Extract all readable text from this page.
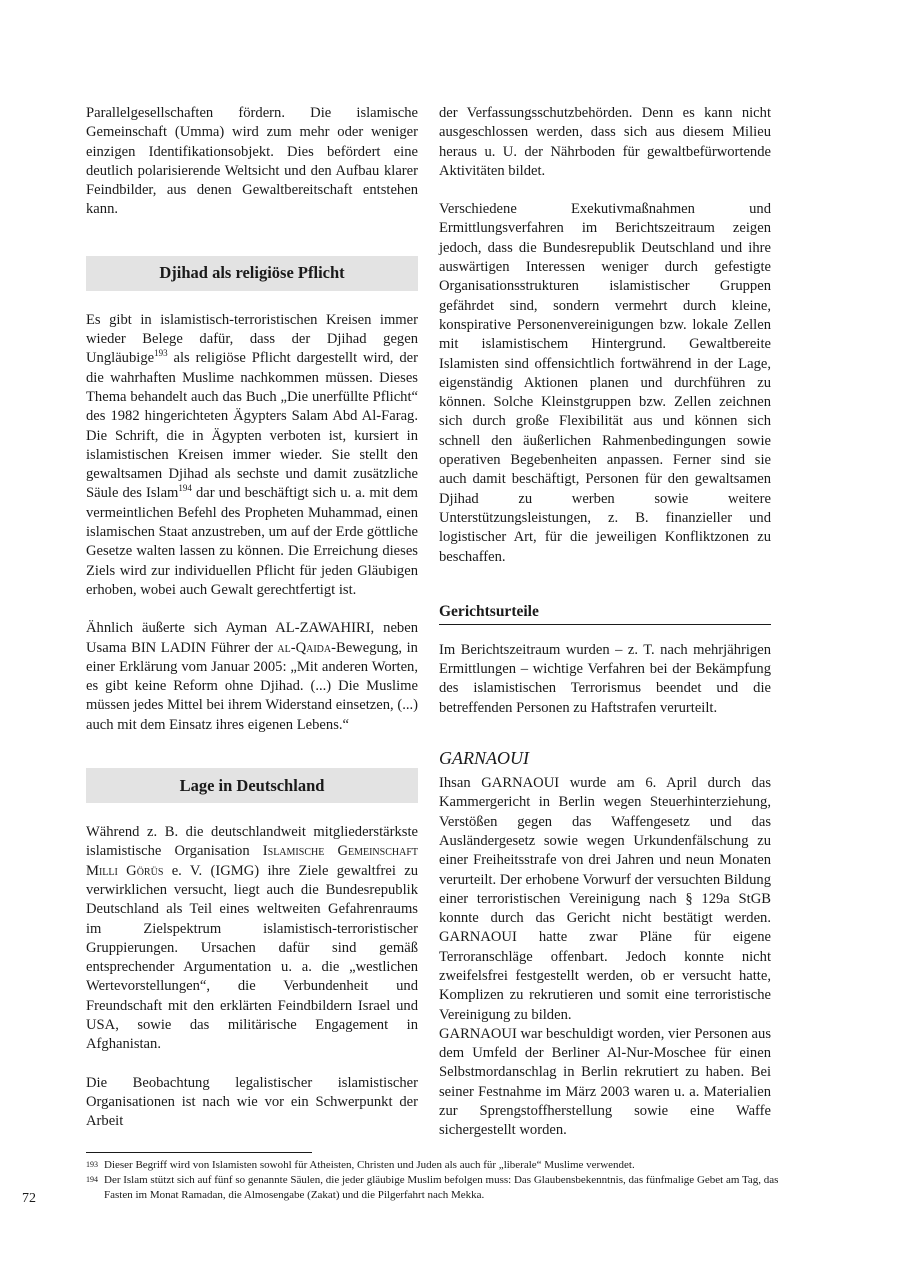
Parallelgesellschaften fördern. Die islamische Gemeinschaft (Umma) wird zum mehr oder weniger einzigen Identifikationsobjekt. Dies befördert eine deutlich polarisierende Weltsicht und den Aufbau klarer Feindbilder, aus denen Gewaltbereitschaft entstehen kann.

Djihad als religiöse Pflicht

Es gibt in islamistisch-terroristischen Kreisen immer wieder Belege dafür, dass der Djihad gegen Ungläubige$^{193}$ als religiöse Pflicht dargestellt wird, der die wahrhaften Muslime nachkommen müssen. Dieses Thema behandelt auch das Buch „Die unerfüllte Pflicht“ des 1982 hingerichteten Ägypters Salam Abd Al-Farag. Die Schrift, die in Ägypten verboten ist, kursiert in islamistischen Kreisen immer wieder. Sie stellt den gewaltsamen Djihad als sechste und damit zusätzliche Säule des Islam$^{194}$ dar und beschäftigt sich u. a. mit dem vermeintlichen Befehl des Propheten Muhammad, einen islamischen Staat anzustreben, um auf der Erde göttliche Gesetze walten lassen zu können. Die Erreichung dieses Ziels wird zur individuellen Pflicht für jeden Gläubigen erhoben, wobei auch Gewalt gerechtfertigt ist.

Ähnlich äußerte sich Ayman AL-ZAWAHIRI, neben Usama BIN LADIN Führer der al-Qaida-Bewegung, in einer Erklärung vom Januar 2005: „Mit anderen Worten, es gibt keine Reform ohne Djihad. (...) Die Muslime müssen jedes Mittel bei ihrem Widerstand einsetzen, (...) auch mit dem Einsatz ihres eigenen Lebens.“

Lage in Deutschland

Während z. B. die deutschlandweit mitgliederstärkste islamistische Organisation Islamische Gemeinschaft Milli Görüs e. V. (IGMG) ihre Ziele gewaltfrei zu verwirklichen versucht, liegt auch die Bundesrepublik Deutschland als Teil eines weltweiten Gefahrenraums im Zielspektrum islamistisch-terroristischer Gruppierungen. Ursachen dafür sind gemäß entsprechender Argumentation u. a. die „westlichen Wertevorstellungen“, die Verbundenheit und Freundschaft mit den erklärten Feindbildern Israel und USA, sowie das militärische Engagement in Afghanistan.

Die Beobachtung legalistischer islamistischer Organisationen ist nach wie vor ein Schwerpunkt der Arbeit

der Verfassungsschutzbehörden. Denn es kann nicht ausgeschlossen werden, dass sich aus diesem Milieu heraus u. U. der Nährboden für gewaltbefürwortende Aktivitäten bildet.

Verschiedene Exekutivmaßnahmen und Ermittlungsverfahren im Berichtszeitraum zeigen jedoch, dass die Bundesrepublik Deutschland und ihre auswärtigen Interessen weniger durch gefestigte Organisationsstrukturen islamistischer Gruppen gefährdet sind, sondern vermehrt durch kleine, konspirative Personenvereinigungen bzw. lokale Zellen mit islamistischem Hintergrund. Gewaltbereite Islamisten sind offensichtlich fortwährend in der Lage, eigenständig Aktionen planen und durchführen zu können. Solche Kleinstgruppen bzw. Zellen zeichnen sich durch große Flexibilität aus und können sich schnell den äußerlichen Rahmenbedingungen sowie operativen Begebenheiten anpassen. Ferner sind sie auch damit beschäftigt, Personen für den gewaltsamen Djihad zu werben sowie weitere Unterstützungsleistungen, z. B. finanzieller und logistischer Art, für die jeweiligen Konfliktzonen zu beschaffen.

Gerichtsurteile

Im Berichtszeitraum wurden – z. T. nach mehrjährigen Ermittlungen – wichtige Verfahren bei der Bekämpfung des islamistischen Terrorismus beendet und die betreffenden Personen zu Haftstrafen verurteilt.

GARNAOUI

Ihsan GARNAOUI wurde am 6. April durch das Kammergericht in Berlin wegen Steuerhinterziehung, Verstößen gegen das Waffengesetz und das Ausländergesetz sowie wegen Urkundenfälschung zu einer Freiheitsstrafe von drei Jahren und neun Monaten verurteilt. Der erhobene Vorwurf der versuchten Bildung einer terroristischen Vereinigung nach § 129a StGB konnte durch das Gericht nicht bestätigt werden. GARNAOUI hatte zwar Pläne für eigene Terroranschläge offenbart. Jedoch konnte nicht zweifelsfrei festgestellt werden, ob er versucht hatte, Komplizen zu rekrutieren und somit eine terroristische Vereinigung zu bilden.

GARNAOUI war beschuldigt worden, vier Personen aus dem Umfeld der Berliner Al-Nur-Moschee für einen Selbstmordanschlag in Berlin rekrutiert zu haben. Bei seiner Festnahme im März 2003 waren u. a. Materialien zur Sprengstoffherstellung sowie eine Waffe sichergestellt worden.

193 Dieser Begriff wird von Islamisten sowohl für Atheisten, Christen und Juden als auch für „liberale“ Muslime verwendet.
194 Der Islam stützt sich auf fünf so genannte Säulen, die jeder gläubige Muslim befolgen muss: Das Glaubensbekenntnis, das fünfmalige Gebet am Tag, das Fasten im Monat Ramadan, die Almosengabe (Zakat) und die Pilgerfahrt nach Mekka.
72
